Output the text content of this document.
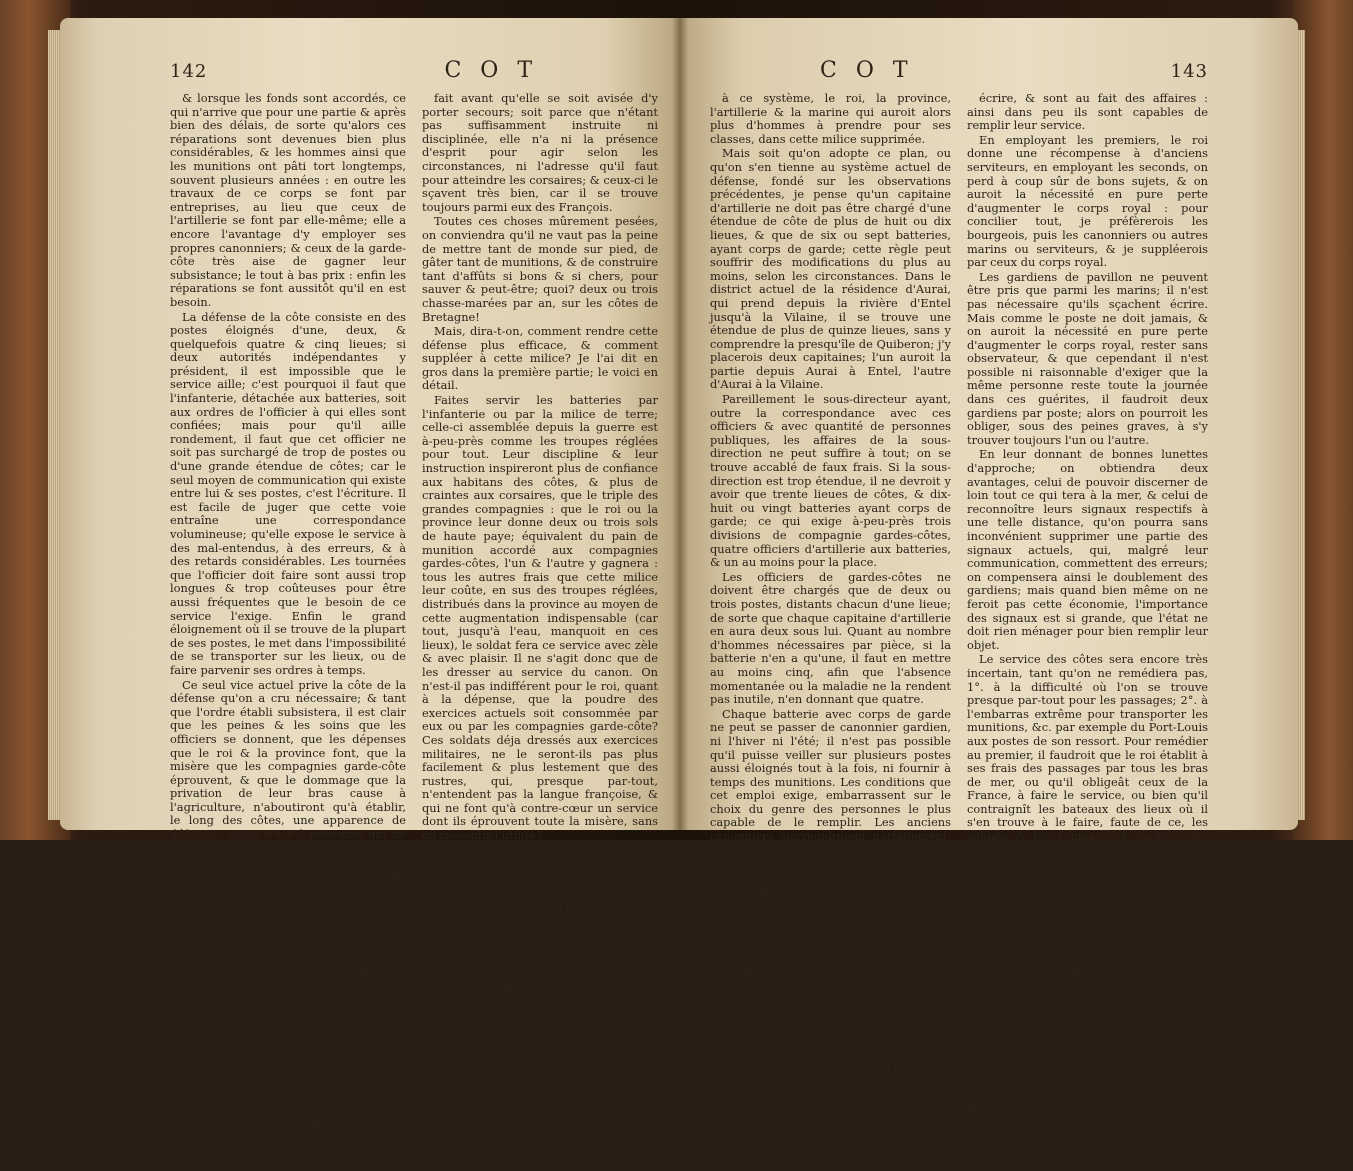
142	C O T

& lorsque les fonds sont accordés, ce qui n'arrive que pour une partie & après bien des délais, de sorte qu'alors ces réparations sont devenues bien plus considérables, & les hommes ainsi que les munitions ont pâti tort longtemps, souvent plusieurs années : en outre les travaux de ce corps se font par entreprises, au lieu que ceux de l'artillerie se font par elle-même; elle a encore l'avantage d'y employer ses propres canonniers; & ceux de la garde-côte très aise de gagner leur subsistance; le tout à bas prix : enfin les réparations se font aussitôt qu'il en est besoin.

La défense de la côte consiste en des postes éloignés d'une, deux, & quelquefois quatre & cinq lieues; si deux autorités indépendantes y président, il est impossible que le service aille; c'est pourquoi il faut que l'infanterie, détachée aux batteries, soit aux ordres de l'officier à qui elles sont confiées; mais pour qu'il aille rondement, il faut que cet officier ne soit pas surchargé de trop de postes ou d'une grande étendue de côtes; car le seul moyen de communication qui existe entre lui & ses postes, c'est l'écriture. Il est facile de juger que cette voie entraîne une correspondance volumineuse; qu'elle expose le service à des mal-entendus, à des erreurs, & à des retards considérables. Les tournées que l'officier doit faire sont aussi trop longues & trop coûteuses pour être aussi fréquentes que le besoin de ce service l'exige. Enfin le grand éloignement où il se trouve de la plupart de ses postes, le met dans l'impossibilité de se transporter sur les lieux, ou de faire parvenir ses ordres à temps.

Ce seul vice actuel prive la côte de la défense qu'on a cru nécessaire; & tant que l'ordre établi subsistera, il est clair que les peines & les soins que les officiers se donnent, que les dépenses que le roi & la province font, que la misère que les compagnies garde-côte éprouvent, & que le dommage que la privation de leur bras cause à l'agriculture, n'aboutiront qu'à établir, le long des côtes, une apparence de défense : aussi n'est-il personne qui ne soit convaincu qu'un corsaire pourroit descendre impunément.

L'année dernière 1781, la récolte n'ayant pu être toute battue, faute de bras, une partie a été perdue par les pluies qui sont survenues, & qui ont fait germer le bled empilé. Il est misérable de voir le long des côtes de Bretagne, sur-tout à Quiberon, les travaux de la campagne; il n'y a que les femmes qui les fassent dans ce dernier endroit.

A l'égard de la protection qu'elles donnent au commerce; il est de fait que sur cent bâtimens pris, environ quatre-vingt le sont en pleine mer ou hors de la protection des batteries; & que le reste se sauve par l'avis des signaux, ou bien est pris malgré les canons & leurs servants : soit parce qu'étant impossible d'obtenir qu'une telle milice fasse une garde assidue, il arrive que le coup est

fait avant qu'elle se soit avisée d'y porter secours; soit parce que n'étant pas suffisamment instruite ni disciplinée, elle n'a ni la présence d'esprit pour agir selon les circonstances, ni l'adresse qu'il faut pour atteindre les corsaires; & ceux-ci le sçavent très bien, car il se trouve toujours parmi eux des François.

Toutes ces choses mûrement pesées, on conviendra qu'il ne vaut pas la peine de mettre tant de monde sur pied, de gâter tant de munitions, & de construire tant d'affûts si bons & si chers, pour sauver & peut-être; quoi? deux ou trois chasse-marées par an, sur les côtes de Bretagne!

Mais, dira-t-on, comment rendre cette défense plus efficace, & comment suppléer à cette milice? Je l'ai dit en gros dans la première partie; le voici en détail.

Faites servir les batteries par l'infanterie ou par la milice de terre; celle-ci assemblée depuis la guerre est à-peu-près comme les troupes réglées pour tout. Leur discipline & leur instruction inspireront plus de confiance aux habitans des côtes, & plus de craintes aux corsaires, que le triple des grandes compagnies : que le roi ou la province leur donne deux ou trois sols de haute paye; équivalent du pain de munition accordé aux compagnies gardes-côtes, l'un & l'autre y gagnera : tous les autres frais que cette milice leur coûte, en sus des troupes réglées, distribués dans la province au moyen de cette augmentation indispensable (car tout, jusqu'à l'eau, manquoit en ces lieux), le soldat fera ce service avec zèle & avec plaisir. Il ne s'agit donc que de les dresser au service du canon. On n'est-il pas indifférent pour le roi, quant à la dépense, que la poudre des exercices actuels soit consommée par eux ou par les compagnies garde-côte? Ces soldats déja dressés aux exercices militaires, ne le seront-ils pas plus facilement & plus lestement que des rustres, qui, presque par-tout, n'entendent pas la langue françoise, & qui ne font qu'à contre-cœur un service dont ils éprouvent toute la misère, sans en ressentir l'utilité?

On peut se figurer la misère que doivent éprouver des gens confinés au bord de la côte, dans un port éloigné de toute habitation, sans solde; n'ayant qu'une livre & demie de pain, & dans un pays dépourvu de tout; ou du moins si cher, qu'il y faut beaucoup d'argent; & c'est ce qui manque à ces gens là. On leur dispute le bois, la chandelle, & les fournitures de lit : n'ayant qu'un gilet & une veste courte par-dessus, ils n'ont pas chaud, je pense, l'hiver : aussi aiment-ils mieux risquer la prison que de se rendre au poste ou d'y rester.

L'État auroit l'avantage d'avoir dans ses troupes, ou dans ses milices, des gens dressés pour l'artillerie, & qu'il pourroit employer au service ainsi que c'est son intention. Tout le monde gagneroit

C O T	143

à ce système, le roi, la province, l'artillerie & la marine qui auroit alors plus d'hommes à prendre pour ses classes, dans cette milice supprimée.

Mais soit qu'on adopte ce plan, ou qu'on s'en tienne au système actuel de défense, fondé sur les observations précédentes, je pense qu'un capitaine d'artillerie ne doit pas être chargé d'une étendue de côte de plus de huit ou dix lieues, & que de six ou sept batteries, ayant corps de garde; cette règle peut souffrir des modifications du plus au moins, selon les circonstances. Dans le district actuel de la résidence d'Aurai, qui prend depuis la rivière d'Entel jusqu'à la Vilaine, il se trouve une étendue de plus de quinze lieues, sans y comprendre la presqu'île de Quiberon; j'y placerois deux capitaines; l'un auroit la partie depuis Aurai à Entel, l'autre d'Aurai à la Vilaine.

Pareillement le sous-directeur ayant, outre la correspondance avec ces officiers & avec quantité de personnes publiques, les affaires de la sous-direction ne peut suffire à tout; on se trouve accablé de faux frais. Si la sous-direction est trop étendue, il ne devroit y avoir que trente lieues de côtes, & dix-huit ou vingt batteries ayant corps de garde; ce qui exige à-peu-près trois divisions de compagnie gardes-côtes, quatre officiers d'artillerie aux batteries, & un au moins pour la place.

Les officiers de gardes-côtes ne doivent être chargés que de deux ou trois postes, distants chacun d'une lieue; de sorte que chaque capitaine d'artillerie en aura deux sous lui. Quant au nombre d'hommes nécessaires par pièce, si la batterie n'en a qu'une, il faut en mettre au moins cinq, afin que l'absence momentanée ou la maladie ne la rendent pas inutile, n'en donnant que quatre.

Chaque batterie avec corps de garde ne peut se passer de canonnier gardien, ni l'hiver ni l'été; il n'est pas possible qu'il puisse veiller sur plusieurs postes aussi éloignés tout à la fois, ni fournir à temps des munitions. Les conditions que cet emploi exige, embarrassent sur le choix du genre des personnes le plus capable de le remplir. Les anciens canonniers conviendroient parfaitement, si on pouvoit en trouver assez, & qui sçussent lire & écrire : ceux du corps royal conviennent bien; mais les soldats n'étant pas accoutumés à se conduire seuls, presque tous s'adonnent à la boisson, ce qui oblige à les changer souvent; d'où il résulte de fréquents inventaires qui détériorent les munitions; causent de la confusion dans les états, & laissent languir le service jusqu'à ce que le successeur se soit mis au fait : d'ailleurs comme ils n'entendent point le langage du pays, ils ne peuvent guère connoître ou se procurer les ressources qu'il peut offrir pour les travaux & pour la défense. Tous ces avantages se trouvent réunis dans les bons bourgeois des lieux; ils connoissent la mer, sçavent lire &

écrire, & sont au fait des affaires : ainsi dans peu ils sont capables de remplir leur service.

En employant les premiers, le roi donne une récompense à d'anciens serviteurs, en employant les seconds, on perd à coup sûr de bons sujets, & on auroit la nécessité en pure perte d'augmenter le corps royal : pour concilier tout, je préfèrerois les bourgeois, puis les canonniers ou autres marins ou serviteurs, & je suppléerois par ceux du corps royal.

Les gardiens de pavillon ne peuvent être pris que parmi les marins; il n'est pas nécessaire qu'ils sçachent écrire. Mais comme le poste ne doit jamais, & on auroit la nécessité en pure perte d'augmenter le corps royal, rester sans observateur, & que cependant il n'est possible ni raisonnable d'exiger que la même personne reste toute la journée dans ces guérites, il faudroit deux gardiens par poste; alors on pourroit les obliger, sous des peines graves, à s'y trouver toujours l'un ou l'autre.

En leur donnant de bonnes lunettes d'approche; on obtiendra deux avantages, celui de pouvoir discerner de loin tout ce qui tera à la mer, & celui de reconnoître leurs signaux respectifs à une telle distance, qu'on pourra sans inconvénient supprimer une partie des signaux actuels, qui, malgré leur communication, commettent des erreurs; on compensera ainsi le doublement des gardiens; mais quand bien même on ne feroit pas cette économie, l'importance des signaux est si grande, que l'état ne doit rien ménager pour bien remplir leur objet.

Le service des côtes sera encore très incertain, tant qu'on ne remédiera pas, 1°. à la difficulté où l'on se trouve presque par-tout pour les passages; 2°. à l'embarras extrême pour transporter les munitions, &c. par exemple du Port-Louis aux postes de son ressort. Pour remédier au premier, il faudroit que le roi établit à ses frais des passages par tous les bras de mer, ou qu'il obligeât ceux de la France, à faire le service, ou bien qu'il contraignît les bateaux des lieux où il s'en trouve à le faire, faute de ce, les soldats & les compagnies gardes-côtes restent souvent deux jours sans joindre leurs postes; la circulation des lettres est interrompue; pour remédier au second, le roi pourroit affecter au service de l'artillerie & du génie, quelques-uns de ces bâtimens dont on ne manque pas dans ses ports; ou bien enjoindre au commandant des ports de les fournir à la réquisition des chefs de l'artillerie & du génie. Au lieu d'employer cette voie très simple, très prompte & moins coûteuse, puisque le roi tireroit au moins quelque service de plusieurs bras qui sont inutilement payés dans ses ports, on est obligé de fréter fort cher le bâtiment d'un particulier que l'on détourne de ses affaires, comme si le maître de la mer & celui de la terre n'étoient pas le même souverain. (art. de M. le chevalier de Fouffac, capitaine du corps de l'artillerie.)

On trouvera dans l'ordonnance du roi, du 13 décembre 1778, concernant les garde-côtes, tout
